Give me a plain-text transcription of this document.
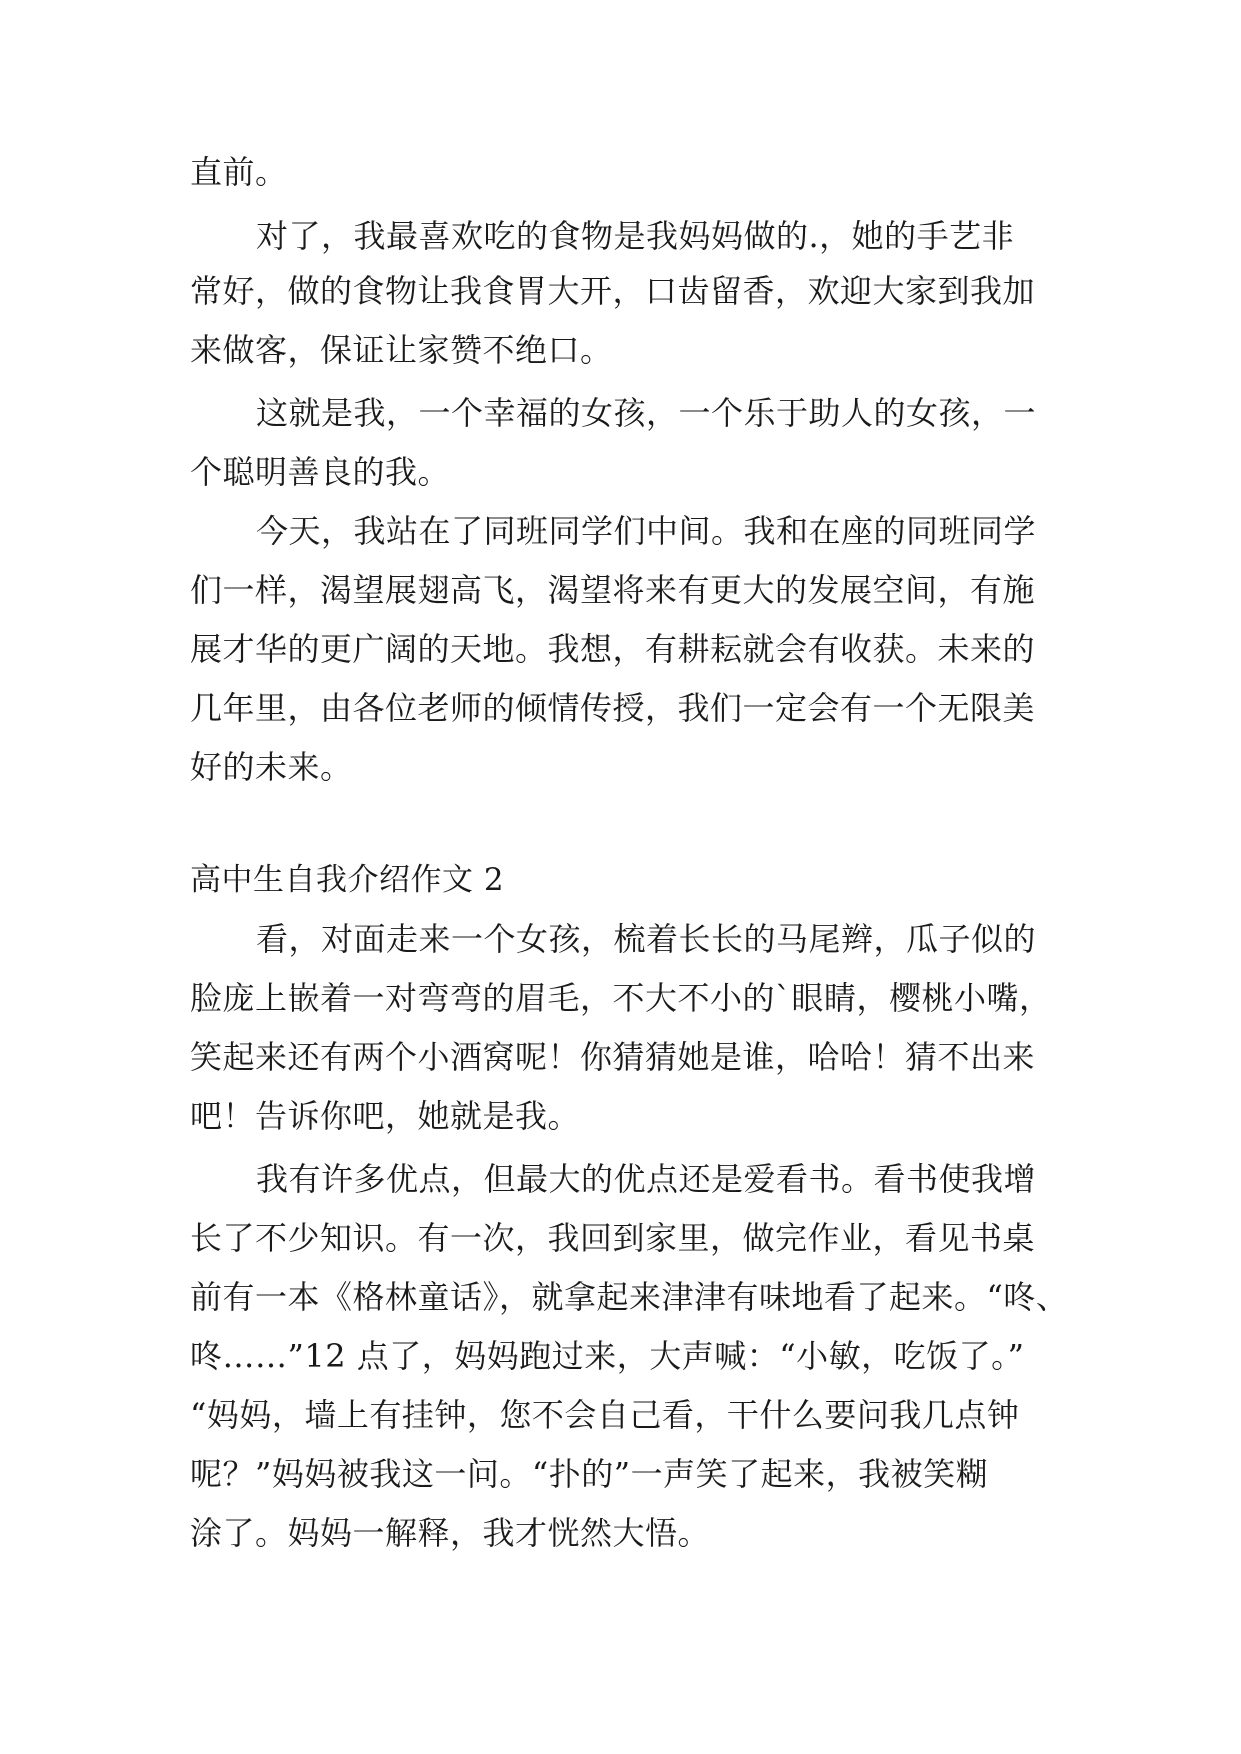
直前。
对了，我最喜欢吃的食物是我妈妈做的.，她的手艺非
常好，做的食物让我食胃大开，口齿留香，欢迎大家到我加
来做客，保证让家赞不绝口。
这就是我，一个幸福的女孩，一个乐于助人的女孩，一
个聪明善良的我。
今天，我站在了同班同学们中间。我和在座的同班同学
们一样，渴望展翅高飞，渴望将来有更大的发展空间，有施
展才华的更广阔的天地。我想，有耕耘就会有收获。未来的
几年里，由各位老师的倾情传授，我们一定会有一个无限美
好的未来。
高中生自我介绍作文 2
看，对面走来一个女孩，梳着长长的马尾辫，瓜子似的
脸庞上嵌着一对弯弯的眉毛，不大不小的`眼睛，樱桃小嘴，
笑起来还有两个小酒窝呢！你猜猜她是谁，哈哈！猜不出来
吧！告诉你吧，她就是我。
我有许多优点，但最大的优点还是爱看书。看书使我增
长了不少知识。有一次，我回到家里，做完作业，看见书桌
前有一本《格林童话》，就拿起来津津有味地看了起来。“咚、
咚……”12 点了，妈妈跑过来，大声喊：“小敏，吃饭了。”
“妈妈，墙上有挂钟，您不会自己看，干什么要问我几点钟
呢？”妈妈被我这一问。“扑的”一声笑了起来，我被笑糊
涂了。妈妈一解释，我才恍然大悟。
